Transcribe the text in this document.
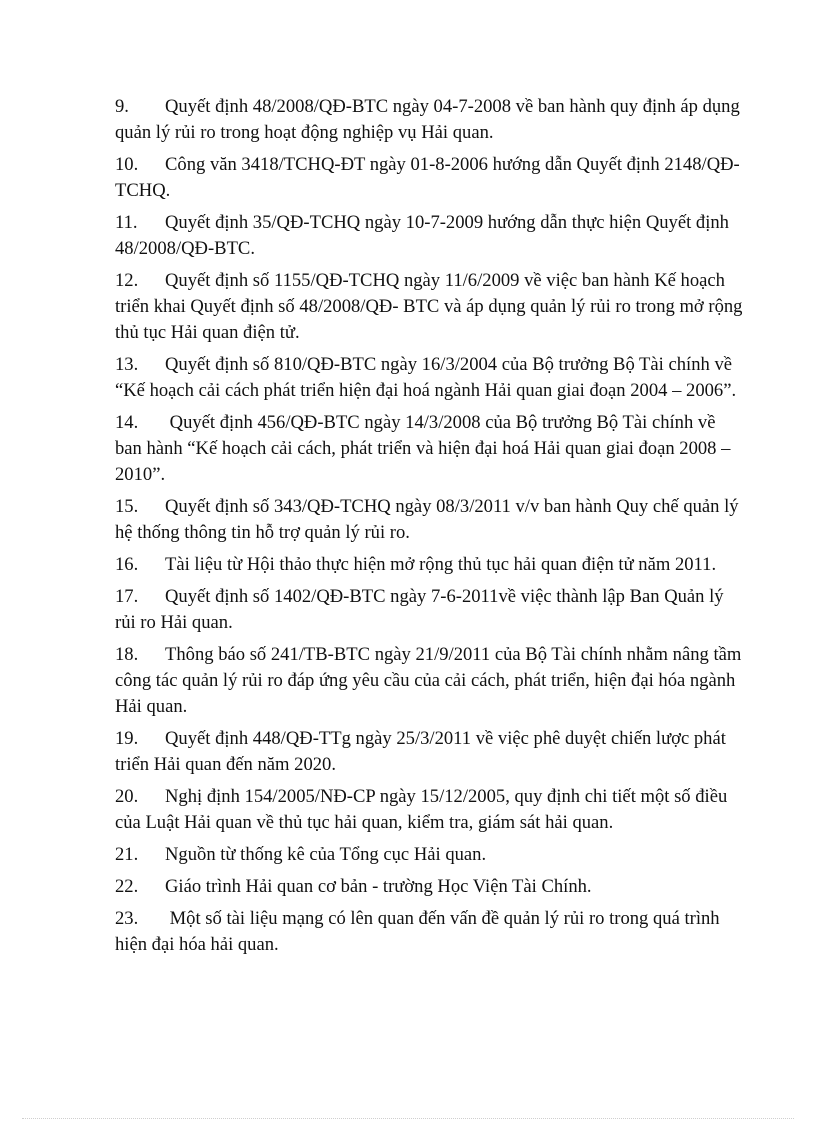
9. Quyết định 48/2008/QĐ-BTC ngày 04-7-2008 về ban hành quy định áp dụng quản lý rủi ro trong hoạt động nghiệp vụ Hải quan.

10. Công văn 3418/TCHQ-ĐT ngày 01-8-2006 hướng dẫn Quyết định 2148/QĐ-TCHQ.

11. Quyết định 35/QĐ-TCHQ ngày 10-7-2009 hướng dẫn thực hiện Quyết định 48/2008/QĐ-BTC.

12. Quyết định số 1155/QĐ-TCHQ ngày 11/6/2009 về việc ban hành Kế hoạch triển khai Quyết định số 48/2008/QĐ- BTC và áp dụng quản lý rủi ro trong mở rộng thủ tục Hải quan điện tử.

13. Quyết định số 810/QĐ-BTC ngày 16/3/2004 của Bộ trưởng Bộ Tài chính về “Kế hoạch cải cách phát triển hiện đại hoá ngành Hải quan giai đoạn 2004 – 2006”.

14. Quyết định 456/QĐ-BTC ngày 14/3/2008 của Bộ trưởng Bộ Tài chính về ban hành “Kế hoạch cải cách, phát triển và hiện đại hoá Hải quan giai đoạn 2008 – 2010”.

15. Quyết định số 343/QĐ-TCHQ ngày 08/3/2011 v/v ban hành Quy chế quản lý hệ thống thông tin hỗ trợ quản lý rủi ro.

16. Tài liệu từ Hội thảo thực hiện mở rộng thủ tục hải quan điện tử năm 2011.

17. Quyết định số 1402/QĐ-BTC ngày 7-6-2011về việc thành lập Ban Quản lý rủi ro Hải quan.

18. Thông báo số 241/TB-BTC ngày 21/9/2011 của Bộ Tài chính nhằm nâng tầm công tác quản lý rủi ro đáp ứng yêu cầu của cải cách, phát triển, hiện đại hóa ngành Hải quan.

19. Quyết định 448/QĐ-TTg ngày 25/3/2011 về việc phê duyệt chiến lược phát triển Hải quan đến năm 2020.

20. Nghị định 154/2005/NĐ-CP ngày 15/12/2005, quy định chi tiết một số điều của Luật Hải quan về thủ tục hải quan, kiểm tra, giám sát hải quan.

21. Nguồn từ thống kê của Tổng cục Hải quan.

22. Giáo trình Hải quan cơ bản - trường Học Viện Tài Chính.

23. Một số tài liệu mạng có lên quan đến vấn đề quản lý rủi ro trong quá trình hiện đại hóa hải quan.
